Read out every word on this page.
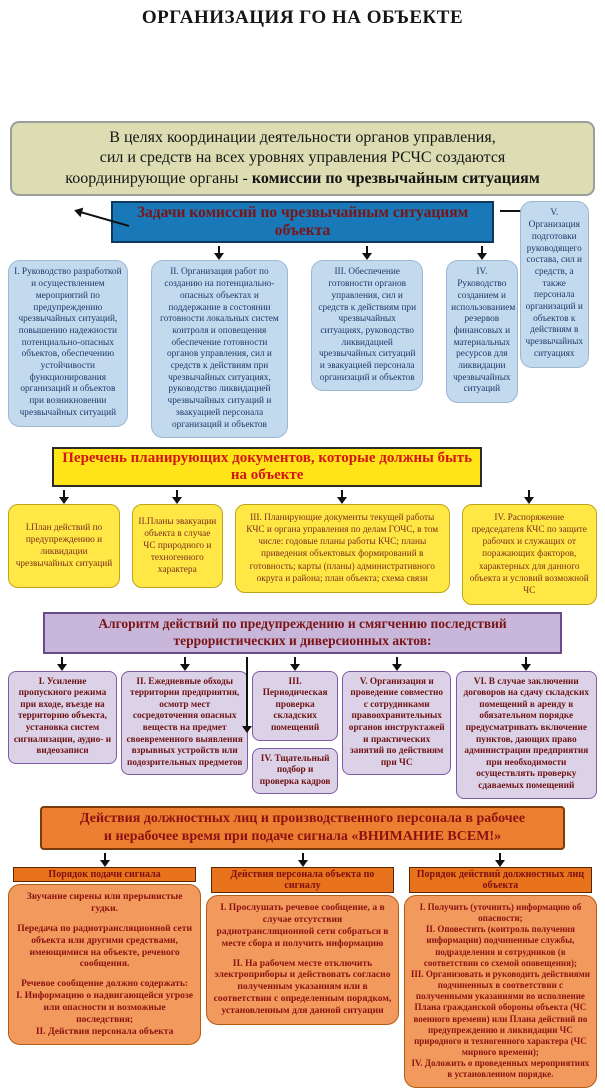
ОРГАНИЗАЦИЯ ГО НА ОБЪЕКТЕ
В целях координации деятельности органов управления,
сил и средств на всех уровнях управления РСЧС создаются
координирующие органы - комиссии по чрезвычайным ситуациям
Задачи комиссий по чрезвычайным ситуациям объекта
I. Руководство разработкой и осуществлением мероприятий по предупреждению чрезвычайных ситуаций, повышению надежности потенциально-опасных объектов, обеспечению устойчивости функционирования организаций и объектов при возникновении чрезвычайных ситуаций
II. Организация работ по созданию на потенциально-опасных объектах и поддержание в состоянии готовности локальных систем контроля и оповещения обеспечение готовности органов управления, сил и средств к действиям при чрезвычайных ситуациях, руководство ликвидацией чрезвычайных ситуаций и эвакуацией персонала организаций и объектов
III. Обеспечение готовности органов управления, сил и средств к действиям при чрезвычайных ситуациях, руководство ликвидацией чрезвычайных ситуаций и эвакуацией персонала организаций и объектов
IV. Руководство созданием и использованием резервов финансовых и материальных ресурсов для ликвидации чрезвычайных ситуаций
V. Организация подготовки руководящего состава, сил и средств, а также персонала организаций и объектов к действиям в чрезвычайных ситуациях
Перечень планирующих документов, которые должны быть на объекте
I.План действий по предупреждению и ликвидации чрезвычайных ситуаций
II.Планы эвакуации объекта в случае ЧС природного и техногенного характера
III. Планирующие документы текущей работы КЧС и органа управления по делам ГОЧС, в том числе: годовые планы работы КЧС; планы приведения объектовых формирований в готовность; карты (планы) административного округа и района; план объекта; схема связи
IV. Распоряжение председателя КЧС по защите рабочих и служащих от поражающих факторов, характерных для данного объекта и условий возможной ЧС
Алгоритм действий по предупреждению и смягчению последствий
террористических и диверсионных актов:
I. Усиление пропускного режима при входе, въезде на территорию объекта, установка систем сигнализации, аудио- и видеозаписи
II. Ежедневные обходы территории предприятия, осмотр мест сосредоточения опасных веществ на предмет своевременного выявления взрывных устройств или подозрительных предметов
III. Периодическая проверка складских помещений
IV. Тщательный подбор и проверка кадров
V. Организация и проведение совместно с сотрудниками правоохранительных органов инструктажей и практических занятий по действиям при ЧС
VI. В случае заключении договоров на сдачу складских помещений в аренду в обязательном порядке предусматривать включение пунктов, дающих право администрации предприятия при необходимости осуществлять проверку сдаваемых помещений
Действия должностных лиц и производственного персонала в рабочее
и нерабочее время при подаче сигнала «ВНИМАНИЕ ВСЕМ!»
Порядок подачи сигнала
Звучание сирены или прерывистые гудки.
Передача по радиотрансляционной сети объекта или другими средствами, имеющимися на объекте, речевого сообщения.
Речевое сообщение должно содержать:
I. Информацию о надвигающейся угрозе или опасности и возможные последствия;
II. Действия персонала объекта
Действия персонала объекта по сигналу
I. Прослушать речевое сообщение, а в случае отсутствия радиотрансляционной сети собраться в месте сбора и получить информацию
II. На рабочем месте отключить электроприборы и действовать согласно полученным указаниям или в соответствии с определенным порядком, установленным для данной ситуации
Порядок действий должностных лиц объекта
I. Получить (уточнить) информацию об опасности;
II. Оповестить (контроль получения информации) подчиненные службы, подразделения и сотрудников (в соответствии со схемой оповещения);
III. Организовать и руководить действиями подчиненных в соответствии с полученными указаниями во исполнение Плана гражданской обороны объекта (ЧС военного времени) или Плана действий по предупреждению и ликвидации ЧС природного и техногенного характера (ЧС мирного времени);
IV. Доложить о проведенных мероприятиях в установленном порядке.
